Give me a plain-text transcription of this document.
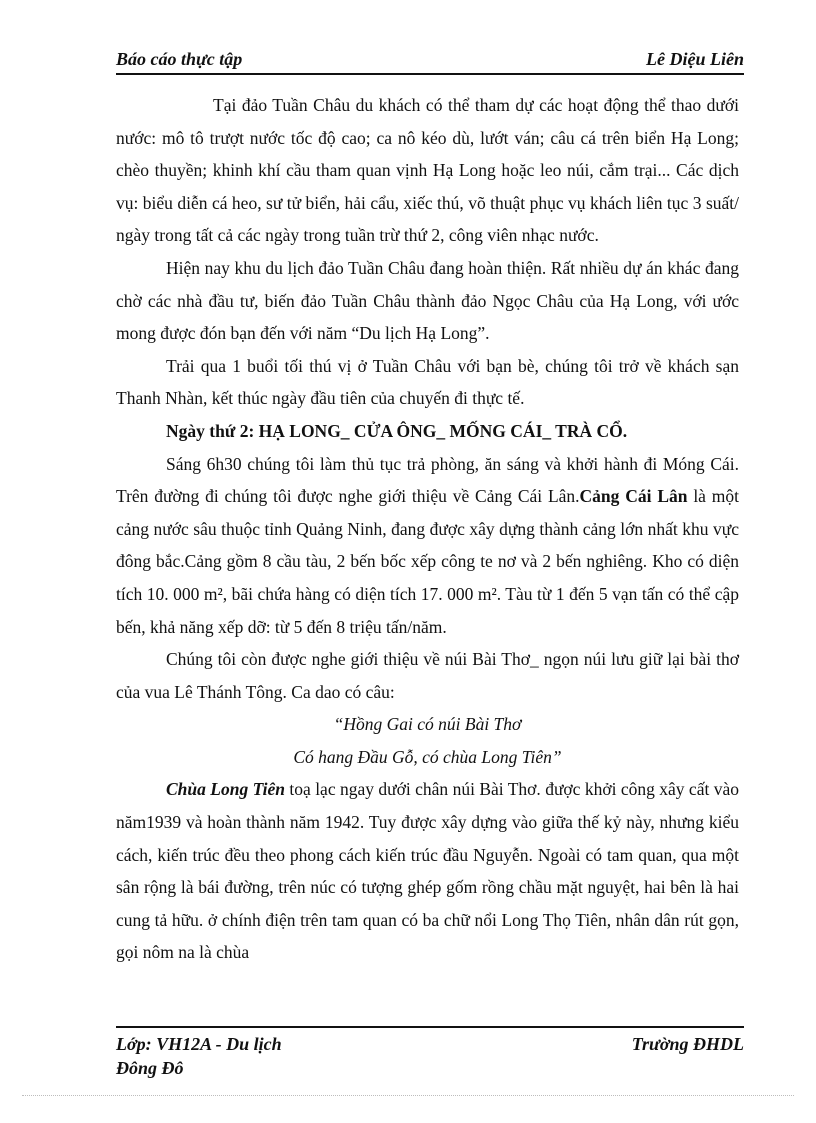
Báo cáo thực tập	Lê Diệu Liên

Tại đảo Tuần Châu du khách có thể tham dự các hoạt động thể thao dưới nước: mô tô trượt nước tốc độ cao; ca nô kéo dù, lướt ván; câu cá trên biển Hạ Long; chèo thuyền; khinh khí cầu tham quan vịnh Hạ Long hoặc leo núi, cắm trại... Các dịch vụ: biểu diễn cá heo, sư tử biển, hải cẩu, xiếc thú, võ thuật phục vụ khách liên tục 3 suất/ ngày trong tất cả các ngày trong tuần trừ thứ 2, công viên nhạc nước.

Hiện nay khu du lịch đảo Tuần Châu đang hoàn thiện. Rất nhiều dự án khác đang chờ các nhà đầu tư, biến đảo Tuần Châu thành đảo Ngọc Châu của Hạ Long, với ước mong được đón bạn đến với năm “Du lịch Hạ Long”.

Trải qua 1 buổi tối thú vị ở Tuần Châu với bạn bè, chúng tôi trở về khách sạn Thanh Nhàn, kết thúc ngày đầu tiên của chuyến đi thực tế.

Ngày thứ 2: HẠ LONG_ CỬA ÔNG_ MỐNG CÁI_ TRÀ CỔ.

Sáng 6h30 chúng tôi làm thủ tục trả phòng, ăn sáng và khởi hành đi Móng Cái. Trên đường đi chúng tôi được nghe giới thiệu về Cảng Cái Lân.Cảng Cái Lân là một cảng nước sâu thuộc tỉnh Quảng Ninh, đang được xây dựng thành cảng lớn nhất khu vực đông bắc.Cảng gồm 8 cầu tàu, 2 bến bốc xếp công te nơ và 2 bến nghiêng. Kho có diện tích 10. 000 m², bãi chứa hàng có diện tích 17. 000 m². Tàu từ 1 đến 5 vạn tấn có thể cập bến, khả năng xếp dỡ: từ 5 đến 8 triệu tấn/năm.

Chúng tôi còn được nghe giới thiệu về núi Bài Thơ_ ngọn núi lưu giữ lại bài thơ của vua Lê Thánh Tông. Ca dao có câu:

“Hồng Gai có núi Bài Thơ

Có hang Đầu Gỗ, có chùa Long Tiên”

Chùa Long Tiên toạ lạc ngay dưới chân núi Bài Thơ. được khởi công xây cất vào năm1939 và hoàn thành năm 1942. Tuy được xây dựng vào giữa thế kỷ này, nhưng kiểu cách, kiến trúc đều theo phong cách kiến trúc đầu Nguyễn. Ngoài có tam quan, qua một sân rộng là bái đường, trên núc có tượng ghép gốm rồng chầu mặt nguyệt, hai bên là hai cung tả hữu. ở chính điện trên tam quan có ba chữ nổi Long Thọ Tiên, nhân dân rút gọn, gọi nôm na là chùa

Lớp: VH12A - Du lịch	Trường ĐHDL
Đông Đô
